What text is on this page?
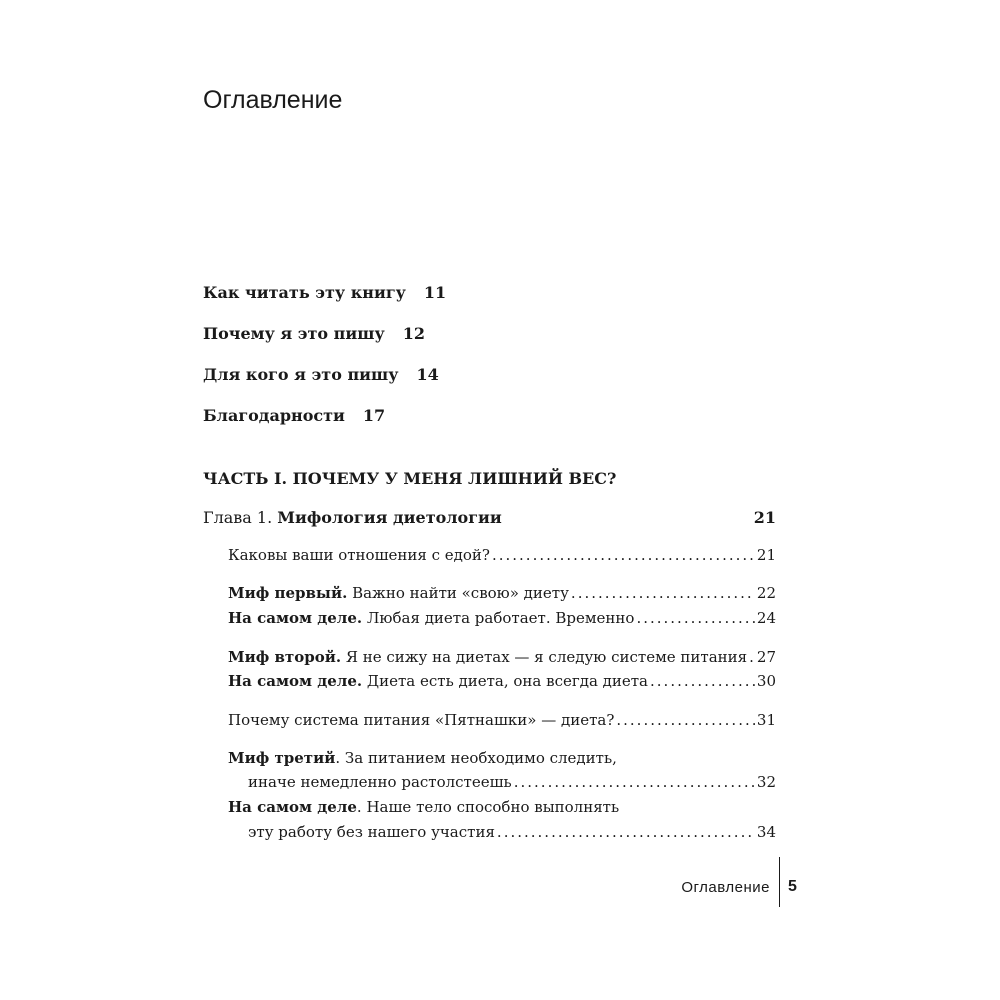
Оглавление
Как читать эту книгу 11
Почему я это пишу 12
Для кого я это пишу 14
Благодарности 17
ЧАСТЬ I. ПОЧЕМУ У МЕНЯ ЛИШНИЙ ВЕС?
Глава 1. Мифология диетологии	21
Каковы ваши отношения с едой? .....	21
Миф первый. Важно найти «свою» диету .....	22
На самом деле. Любая диета работает. Временно .....	24
Миф второй. Я не сижу на диетах — я следую системе питания ..... 27
На самом деле. Диета есть диета, она всегда диета .....	30
Почему система питания «Пятнашки» — диета? .....	31
Миф третий. За питанием необходимо следить,
иначе немедленно растолстеешь .....	32
На самом деле. Наше тело способно выполнять
эту работу без нашего участия .....	34
Оглавление 5
